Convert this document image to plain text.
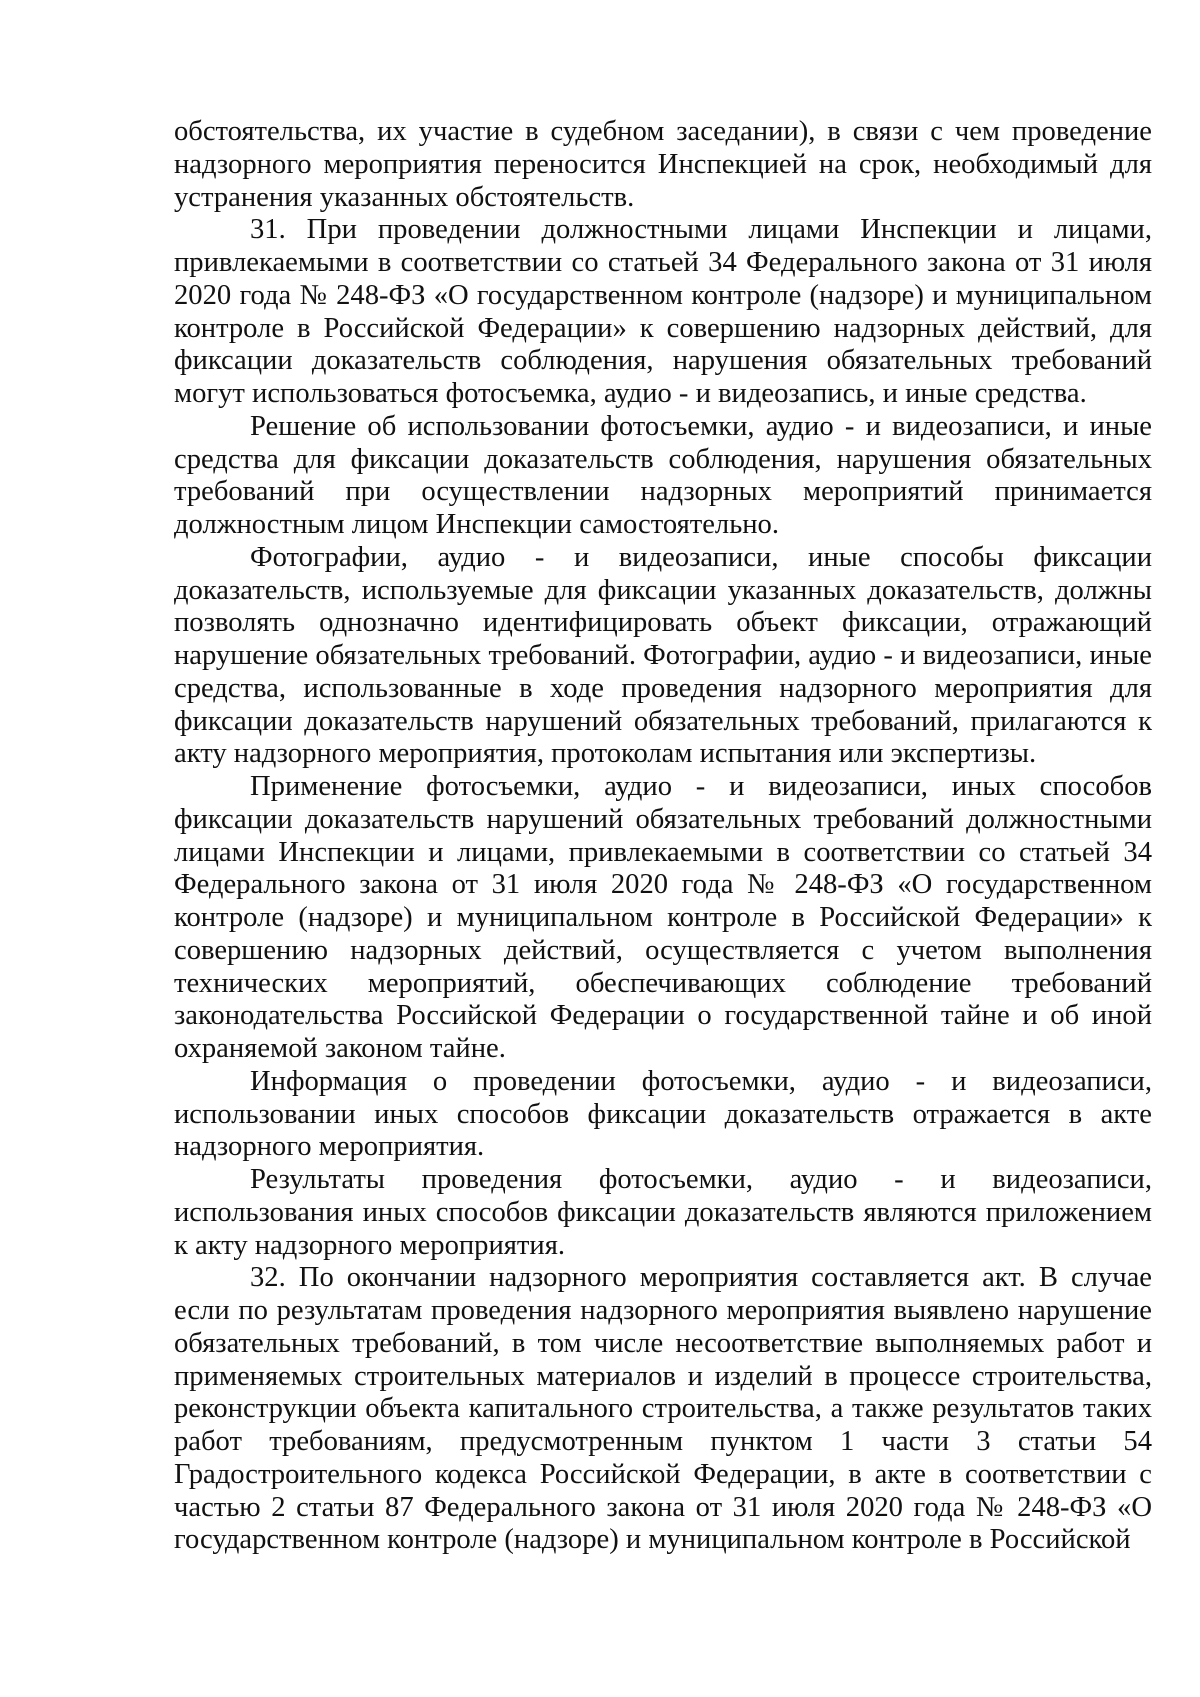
обстоятельства, их участие в судебном заседании), в связи с чем проведение надзорного мероприятия переносится Инспекцией на срок, необходимый для устранения указанных обстоятельств.

31. При проведении должностными лицами Инспекции и лицами, привлекаемыми в соответствии со статьей 34 Федерального закона от 31 июля 2020 года № 248-ФЗ «О государственном контроле (надзоре) и муниципальном контроле в Российской Федерации» к совершению надзорных действий, для фиксации доказательств соблюдения, нарушения обязательных требований могут использоваться фотосъемка, аудио - и видеозапись, и иные средства.

Решение об использовании фотосъемки, аудио - и видеозаписи, и иные средства для фиксации доказательств соблюдения, нарушения обязательных требований при осуществлении надзорных мероприятий принимается должностным лицом Инспекции самостоятельно.

Фотографии, аудио - и видеозаписи, иные способы фиксации доказательств, используемые для фиксации указанных доказательств, должны позволять однозначно идентифицировать объект фиксации, отражающий нарушение обязательных требований. Фотографии, аудио - и видеозаписи, иные средства, использованные в ходе проведения надзорного мероприятия для фиксации доказательств нарушений обязательных требований, прилагаются к акту надзорного мероприятия, протоколам испытания или экспертизы.

Применение фотосъемки, аудио - и видеозаписи, иных способов фиксации доказательств нарушений обязательных требований должностными лицами Инспекции и лицами, привлекаемыми в соответствии со статьей 34 Федерального закона от 31 июля 2020 года № 248-ФЗ «О государственном контроле (надзоре) и муниципальном контроле в Российской Федерации» к совершению надзорных действий, осуществляется с учетом выполнения технических мероприятий, обеспечивающих соблюдение требований законодательства Российской Федерации о государственной тайне и об иной охраняемой законом тайне.

Информация о проведении фотосъемки, аудио - и видеозаписи, использовании иных способов фиксации доказательств отражается в акте надзорного мероприятия.

Результаты проведения фотосъемки, аудио - и видеозаписи, использования иных способов фиксации доказательств являются приложением к акту надзорного мероприятия.

32. По окончании надзорного мероприятия составляется акт. В случае если по результатам проведения надзорного мероприятия выявлено нарушение обязательных требований, в том числе несоответствие выполняемых работ и применяемых строительных материалов и изделий в процессе строительства, реконструкции объекта капитального строительства, а также результатов таких работ требованиям, предусмотренным пунктом 1 части 3 статьи 54 Градостроительного кодекса Российской Федерации, в акте в соответствии с частью 2 статьи 87 Федерального закона от 31 июля 2020 года № 248-ФЗ «О государственном контроле (надзоре) и муниципальном контроле в Российской
